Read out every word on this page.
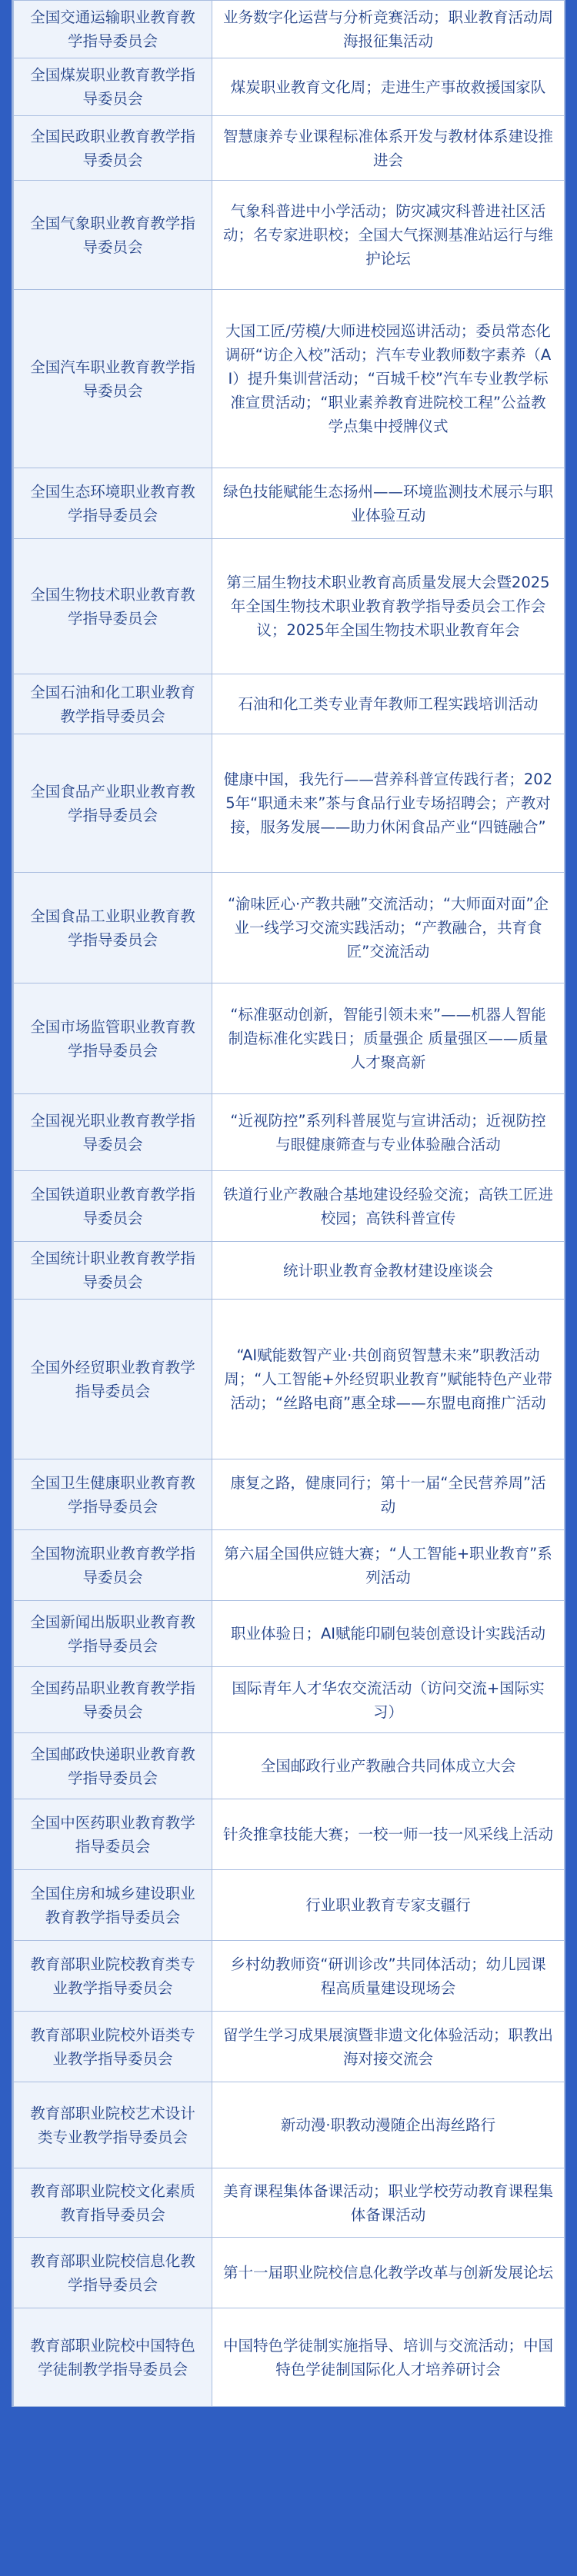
全国交通运输职业教育教学指导委员会	业务数字化运营与分析竞赛活动；职业教育活动周海报征集活动
全国煤炭职业教育教学指导委员会	煤炭职业教育文化周；走进生产事故救援国家队
全国民政职业教育教学指导委员会	智慧康养专业课程标准体系开发与教材体系建设推进会
全国气象职业教育教学指导委员会	气象科普进中小学活动；防灾减灾科普进社区活动；名专家进职校；全国大气探测基准站运行与维护论坛
全国汽车职业教育教学指导委员会	大国工匠/劳模/大师进校园巡讲活动；委员常态化调研“访企入校”活动；汽车专业教师数字素养（AI）提升集训营活动；“百城千校”汽车专业教学标准宣贯活动；“职业素养教育进院校工程”公益教学点集中授牌仪式
全国生态环境职业教育教学指导委员会	绿色技能赋能生态扬州——环境监测技术展示与职业体验互动
全国生物技术职业教育教学指导委员会	第三届生物技术职业教育高质量发展大会暨2025年全国生物技术职业教育教学指导委员会工作会议；2025年全国生物技术职业教育年会
全国石油和化工职业教育教学指导委员会	石油和化工类专业青年教师工程实践培训活动
全国食品产业职业教育教学指导委员会	健康中国，我先行——营养科普宣传践行者；2025年“职通未来”茶与食品行业专场招聘会；产教对接，服务发展——助力休闲食品产业“四链融合”
全国食品工业职业教育教学指导委员会	“渝味匠心·产教共融”交流活动；“大师面对面”企业一线学习交流实践活动；“产教融合，共育食匠”交流活动
全国市场监管职业教育教学指导委员会	“标准驱动创新，智能引领未来”——机器人智能制造标准化实践日；质量强企 质量强区——质量人才聚高新
全国视光职业教育教学指导委员会	“近视防控”系列科普展览与宣讲活动；近视防控与眼健康筛查与专业体验融合活动
全国铁道职业教育教学指导委员会	铁道行业产教融合基地建设经验交流；高铁工匠进校园；高铁科普宣传
全国统计职业教育教学指导委员会	统计职业教育金教材建设座谈会
全国外经贸职业教育教学指导委员会	“AI赋能数智产业·共创商贸智慧未来”职教活动周；“人工智能+外经贸职业教育”赋能特色产业带活动；“丝路电商”惠全球——东盟电商推广活动
全国卫生健康职业教育教学指导委员会	康复之路，健康同行；第十一届“全民营养周”活动
全国物流职业教育教学指导委员会	第六届全国供应链大赛；“人工智能+职业教育”系列活动
全国新闻出版职业教育教学指导委员会	职业体验日；AI赋能印刷包装创意设计实践活动
全国药品职业教育教学指导委员会	国际青年人才华农交流活动（访问交流+国际实习）
全国邮政快递职业教育教学指导委员会	全国邮政行业产教融合共同体成立大会
全国中医药职业教育教学指导委员会	针灸推拿技能大赛；一校一师一技一风采线上活动
全国住房和城乡建设职业教育教学指导委员会	行业职业教育专家支疆行
教育部职业院校教育类专业教学指导委员会	乡村幼教师资“研训诊改”共同体活动；幼儿园课程高质量建设现场会
教育部职业院校外语类专业教学指导委员会	留学生学习成果展演暨非遗文化体验活动；职教出海对接交流会
教育部职业院校艺术设计类专业教学指导委员会	新动漫·职教动漫随企出海丝路行
教育部职业院校文化素质教育指导委员会	美育课程集体备课活动；职业学校劳动教育课程集体备课活动
教育部职业院校信息化教学指导委员会	第十一届职业院校信息化教学改革与创新发展论坛
教育部职业院校中国特色学徒制教学指导委员会	中国特色学徒制实施指导、培训与交流活动；中国特色学徒制国际化人才培养研讨会
